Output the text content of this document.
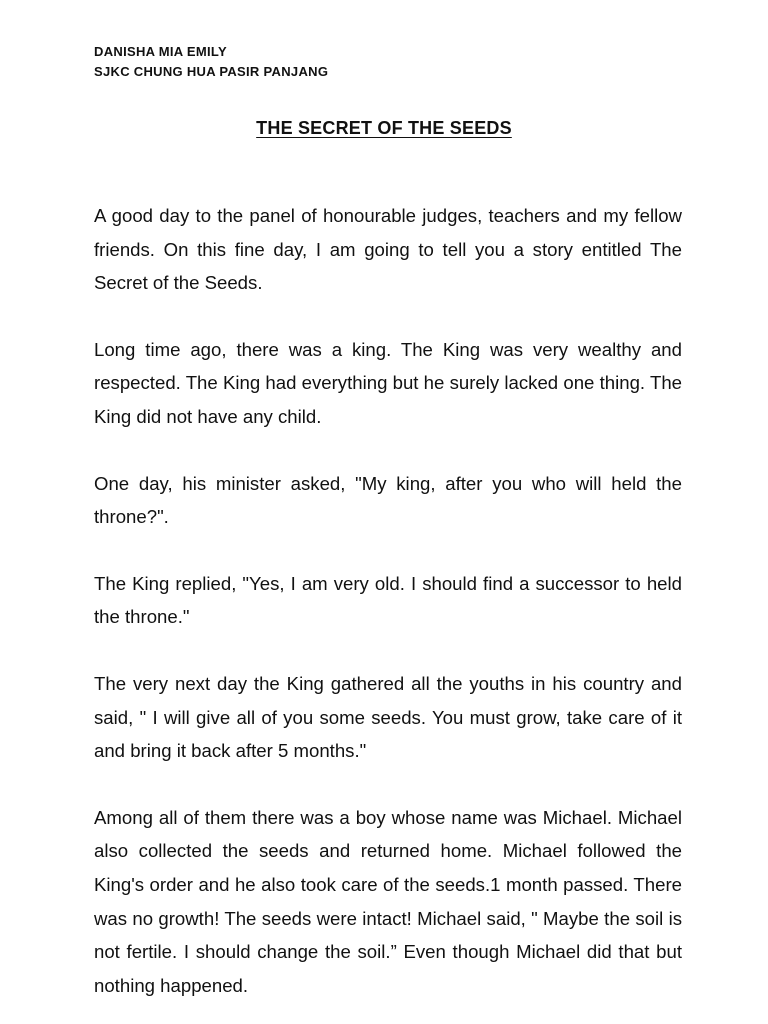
DANISHA MIA EMILY
SJKC CHUNG HUA PASIR PANJANG
THE SECRET OF THE SEEDS

A good day to the panel of honourable judges, teachers and my fellow friends. On this fine day, I am going to tell you a story entitled The Secret of the Seeds.

Long time ago, there was a king. The King was very wealthy and respected. The King had everything but he surely lacked one thing. The King did not have any child.

One day, his minister asked, "My king, after you who will held the throne?".

The King replied, "Yes, I am very old. I should find a successor to held the throne."

The very next day the King gathered all the youths in his country and said, " I will give all of you some seeds. You must grow, take care of it and bring it back after 5 months."

Among all of them there was a boy whose name was Michael. Michael also collected the seeds and returned home. Michael followed the King's order and he also took care of the seeds.1 month passed. There was no growth! The seeds were intact! Michael said, " Maybe the soil is not fertile. I should change the soil.” Even though Michael did that but nothing happened.
